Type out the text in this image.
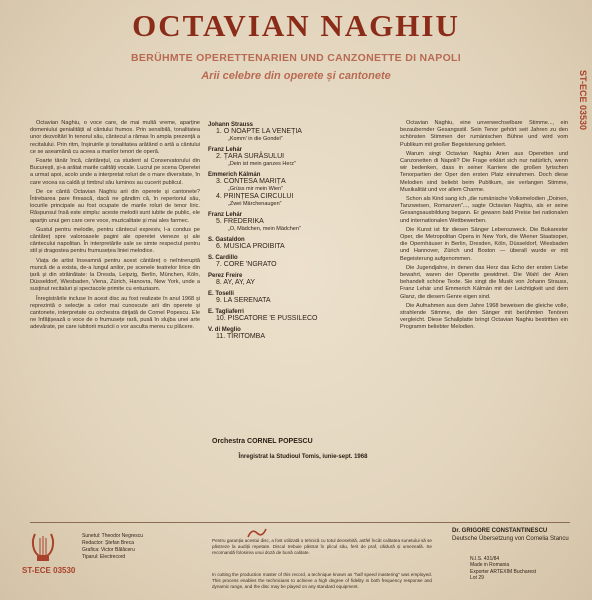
OCTAVIAN NAGHIU
BERÜHMTE OPERETTENARIEN UND CANZONETTE DI NAPOLI
Arii celebre din operete și cantonete	ST-ECE 03530

Octavian Naghiu, o voce care, de mai multă vreme, aparține domeniului genialității al cântului frumos. Prin sensibilă, tonalitatea unor dezvoltări în tenorul său, cântecul a rămas în ampla prezență a recitalului. Prin ritm, înșiruirile și tonalitatea arătând o artă a cântului ce se aseamănă cu aceea a marilor tenori de operă.

Foarte tânăr încă, cântărețul, ca student al Conservatorului din București, și-a arătat marile calități vocale. Lucrul pe scena Operetei a urmat apoi, acolo unde a interpretat roluri de o mare diversitate, în care vocea sa caldă și timbrul său luminos au cucerit publicul.

De ce cântă Octavian Naghiu arii din operete și cantonete? Întrebarea pare firească, dacă ne gândim că, în repertoriul său, locurile principale au fost ocupate de marile roluri de tenor liric. Răspunsul însă este simplu: aceste melodii sunt iubite de public, ele aparțin unui gen care cere voce, muzicalitate și mai ales farmec.

Gustul pentru melodie, pentru cântecul expresiv, l-a condus pe cântăreț spre valoroasele pagini ale operetei vieneze și ale cântecului napolitan. În interpretările sale se simte respectul pentru stil și dragostea pentru frumusețea liniei melodice.

Viața de artist înseamnă pentru acest cântăreț o neîntreruptă muncă de a exista, de-a lungul anilor, pe scenele teatrelor lirice din țară și din străinătate: la Dresda, Leipzig, Berlin, München, Köln, Düsseldorf, Wiesbaden, Viena, Zürich, Hanovra, New York, unde a susținut recitaluri și spectacole primite cu entuziasm.

Înregistrările incluse în acest disc au fost realizate în anul 1968 și reprezintă o selecție a celor mai cunoscute arii din operete și cantonete, interpretate cu orchestra dirijată de Cornel Popescu. Ele ne înfățișează o voce de o frumusețe rară, pusă în slujba unei arte adevărate, pe care iubitorii muzicii o vor asculta mereu cu plăcere.

Johann Strauss
1. O NOAPTE LA VENEȚIA
„Komm' in die Gondel”
Franz Lehár
2. ȚARA SURÂSULUI
„Dein ist mein ganzes Herz”
Emmerich Kálmán
3. CONTESA MARIȚA
„Grüss mir mein Wien”
4. PRINȚESA CIRCULUI
„Zwei Märchenaugen”
Franz Lehár
5. FREDERIKA
„O, Mädchen, mein Mädchen”
S. Gastaldon
6. MUSICA PROIBITA
S. Cardillo
7. CORE 'NGRATO
Perez Freire
8. AY, AY, AY
E. Toselli
9. LA SERENATA
E. Tagliaferri
10. PISCATORE 'E PUSSILECO
V. di Meglio
11. TIRITOMBA
Orchestra CORNEL POPESCU
Înregistrat la Studioul Tomis, iunie-sept. 1968

Octavian Naghiu, eine unverwechselbare Stimme..., ein bezaubernder Gesangsstil. Sein Tenor gehört seit Jahren zu den schönsten Stimmen der rumänischen Bühne und wird vom Publikum mit großer Begeisterung gefeiert.

Warum singt Octavian Naghiu Arien aus Operetten und Canzonetten di Napoli? Die Frage erklärt sich nur natürlich, wenn wir bedenken, dass in seiner Karriere die großen lyrischen Tenorpartien der Oper den ersten Platz einnahmen. Doch diese Melodien sind beliebt beim Publikum, sie verlangen Stimme, Musikalität und vor allem Charme.

Schon als Kind sang ich „die rumänische Volksmelodien „Doinen, Tanzweisen, Romanzen”..., sagte Octavian Naghiu, als er seine Gesangsausbildung begann. Er gewann bald Preise bei nationalen und internationalen Wettbewerben.

Die Kunst ist für diesen Sänger Lebenszweck. Die Bukarester Oper, die Metropolitan Opera in New York, die Wiener Staatsoper, die Opernhäuser in Berlin, Dresden, Köln, Düsseldorf, Wiesbaden und Hannover, Zürich und Boston — überall wurde er mit Begeisterung aufgenommen.

Die Jugendjahre, in denen das Herz das Echo der ersten Liebe bewahrt, waren der Operette gewidmet. Die Wahl der Arien behandelt schöne Texte. Sie singt die Musik von Johann Strauss, Franz Lehár und Emmerich Kálmán mit der Leichtigkeit und dem Glanz, die diesem Genre eigen sind.

Die Aufnahmen aus dem Jahre 1968 beweisen die gleiche volle, strahlende Stimme, die den Sänger mit berühmten Tenören vergleicht. Diese Schallplatte bringt Octavian Naghiu bestritten ein Programm beliebter Melodien.

ST-ECE 03530
Sunetul: Theodor Negrescu
Redactor: Ștefan Breca
Grafica: Victor Bălăceru
Tiparul: Electrecord
Pentru garanția acestui disc, a fost utilizată o tehnică cu totul deosebită, astfel încât calitatea sunetului să se păstreze la audiții repetate. Discul trebuie păstrat în plicul său, ferit de praf, căldură și umezeală. Se recomandă folosirea unui doză de bună calitate.
In cutting the production master of this record, a technique known as "half speed mastering" was employed. This process enables the technicians to achieve a high degree of fidelity in both frequency response and dynamic range, and the disc may be played on any standard equipment.
Dr. GRIGORE CONSTANTINESCU
Deutsche Übersetzung von Cornelia Stancu
N.I.S. 431/84
Made in Romania
Exporter ARTEXIM Bucharest
Lot 29
